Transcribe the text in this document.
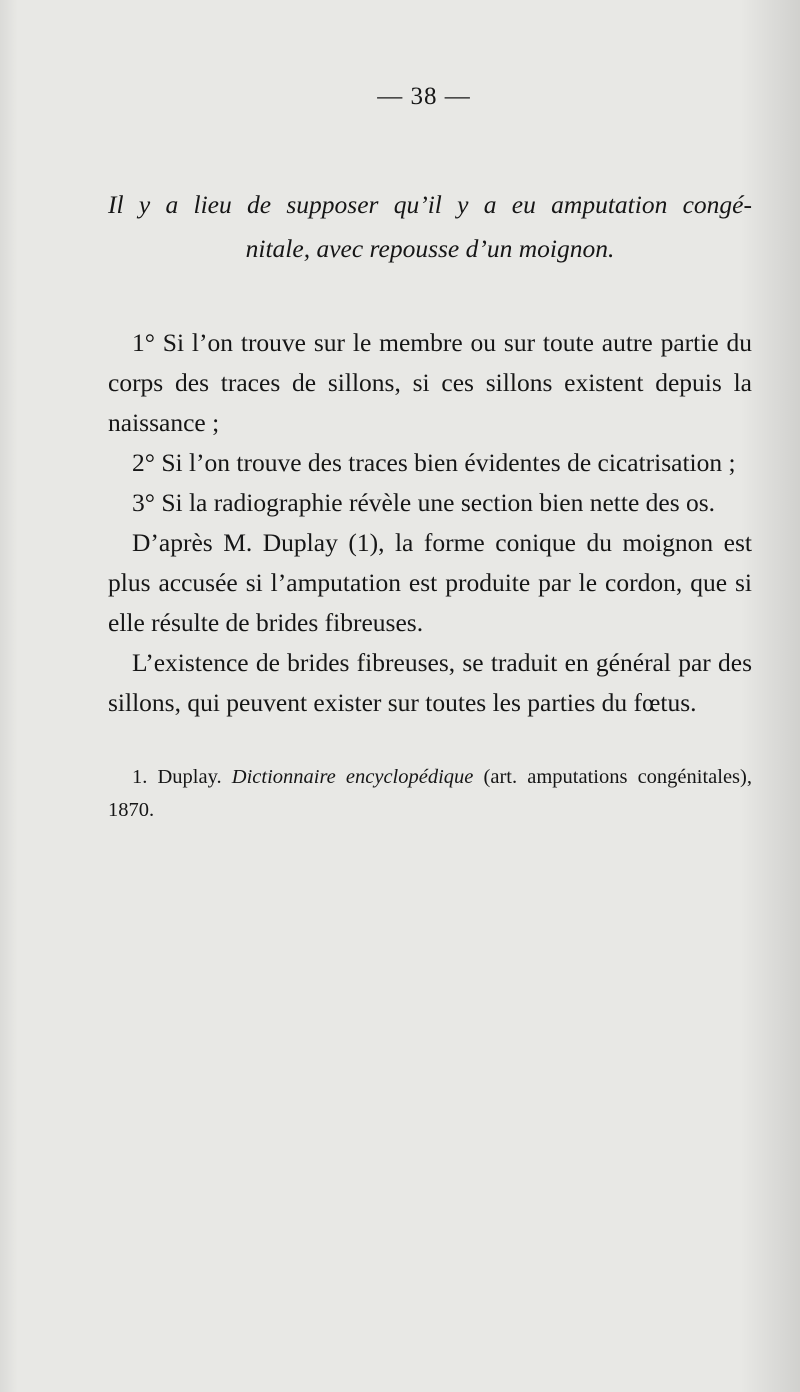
— 38 —

Il y a lieu de supposer qu’il y a eu amputation congé-
nitale, avec repousse d’un moignon.

1° Si l’on trouve sur le membre ou sur toute autre partie du corps des traces de sillons, si ces sillons existent depuis la naissance ;

2° Si l’on trouve des traces bien évidentes de cicatrisation ;

3° Si la radiographie révèle une section bien nette des os.

D’après M. Duplay (1), la forme conique du moignon est plus accusée si l’amputation est produite par le cordon, que si elle résulte de brides fibreuses.

L’existence de brides fibreuses, se traduit en général par des sillons, qui peuvent exister sur toutes les parties du fœtus.

1. Duplay. Dictionnaire encyclopédique (art. amputations congénitales), 1870.
